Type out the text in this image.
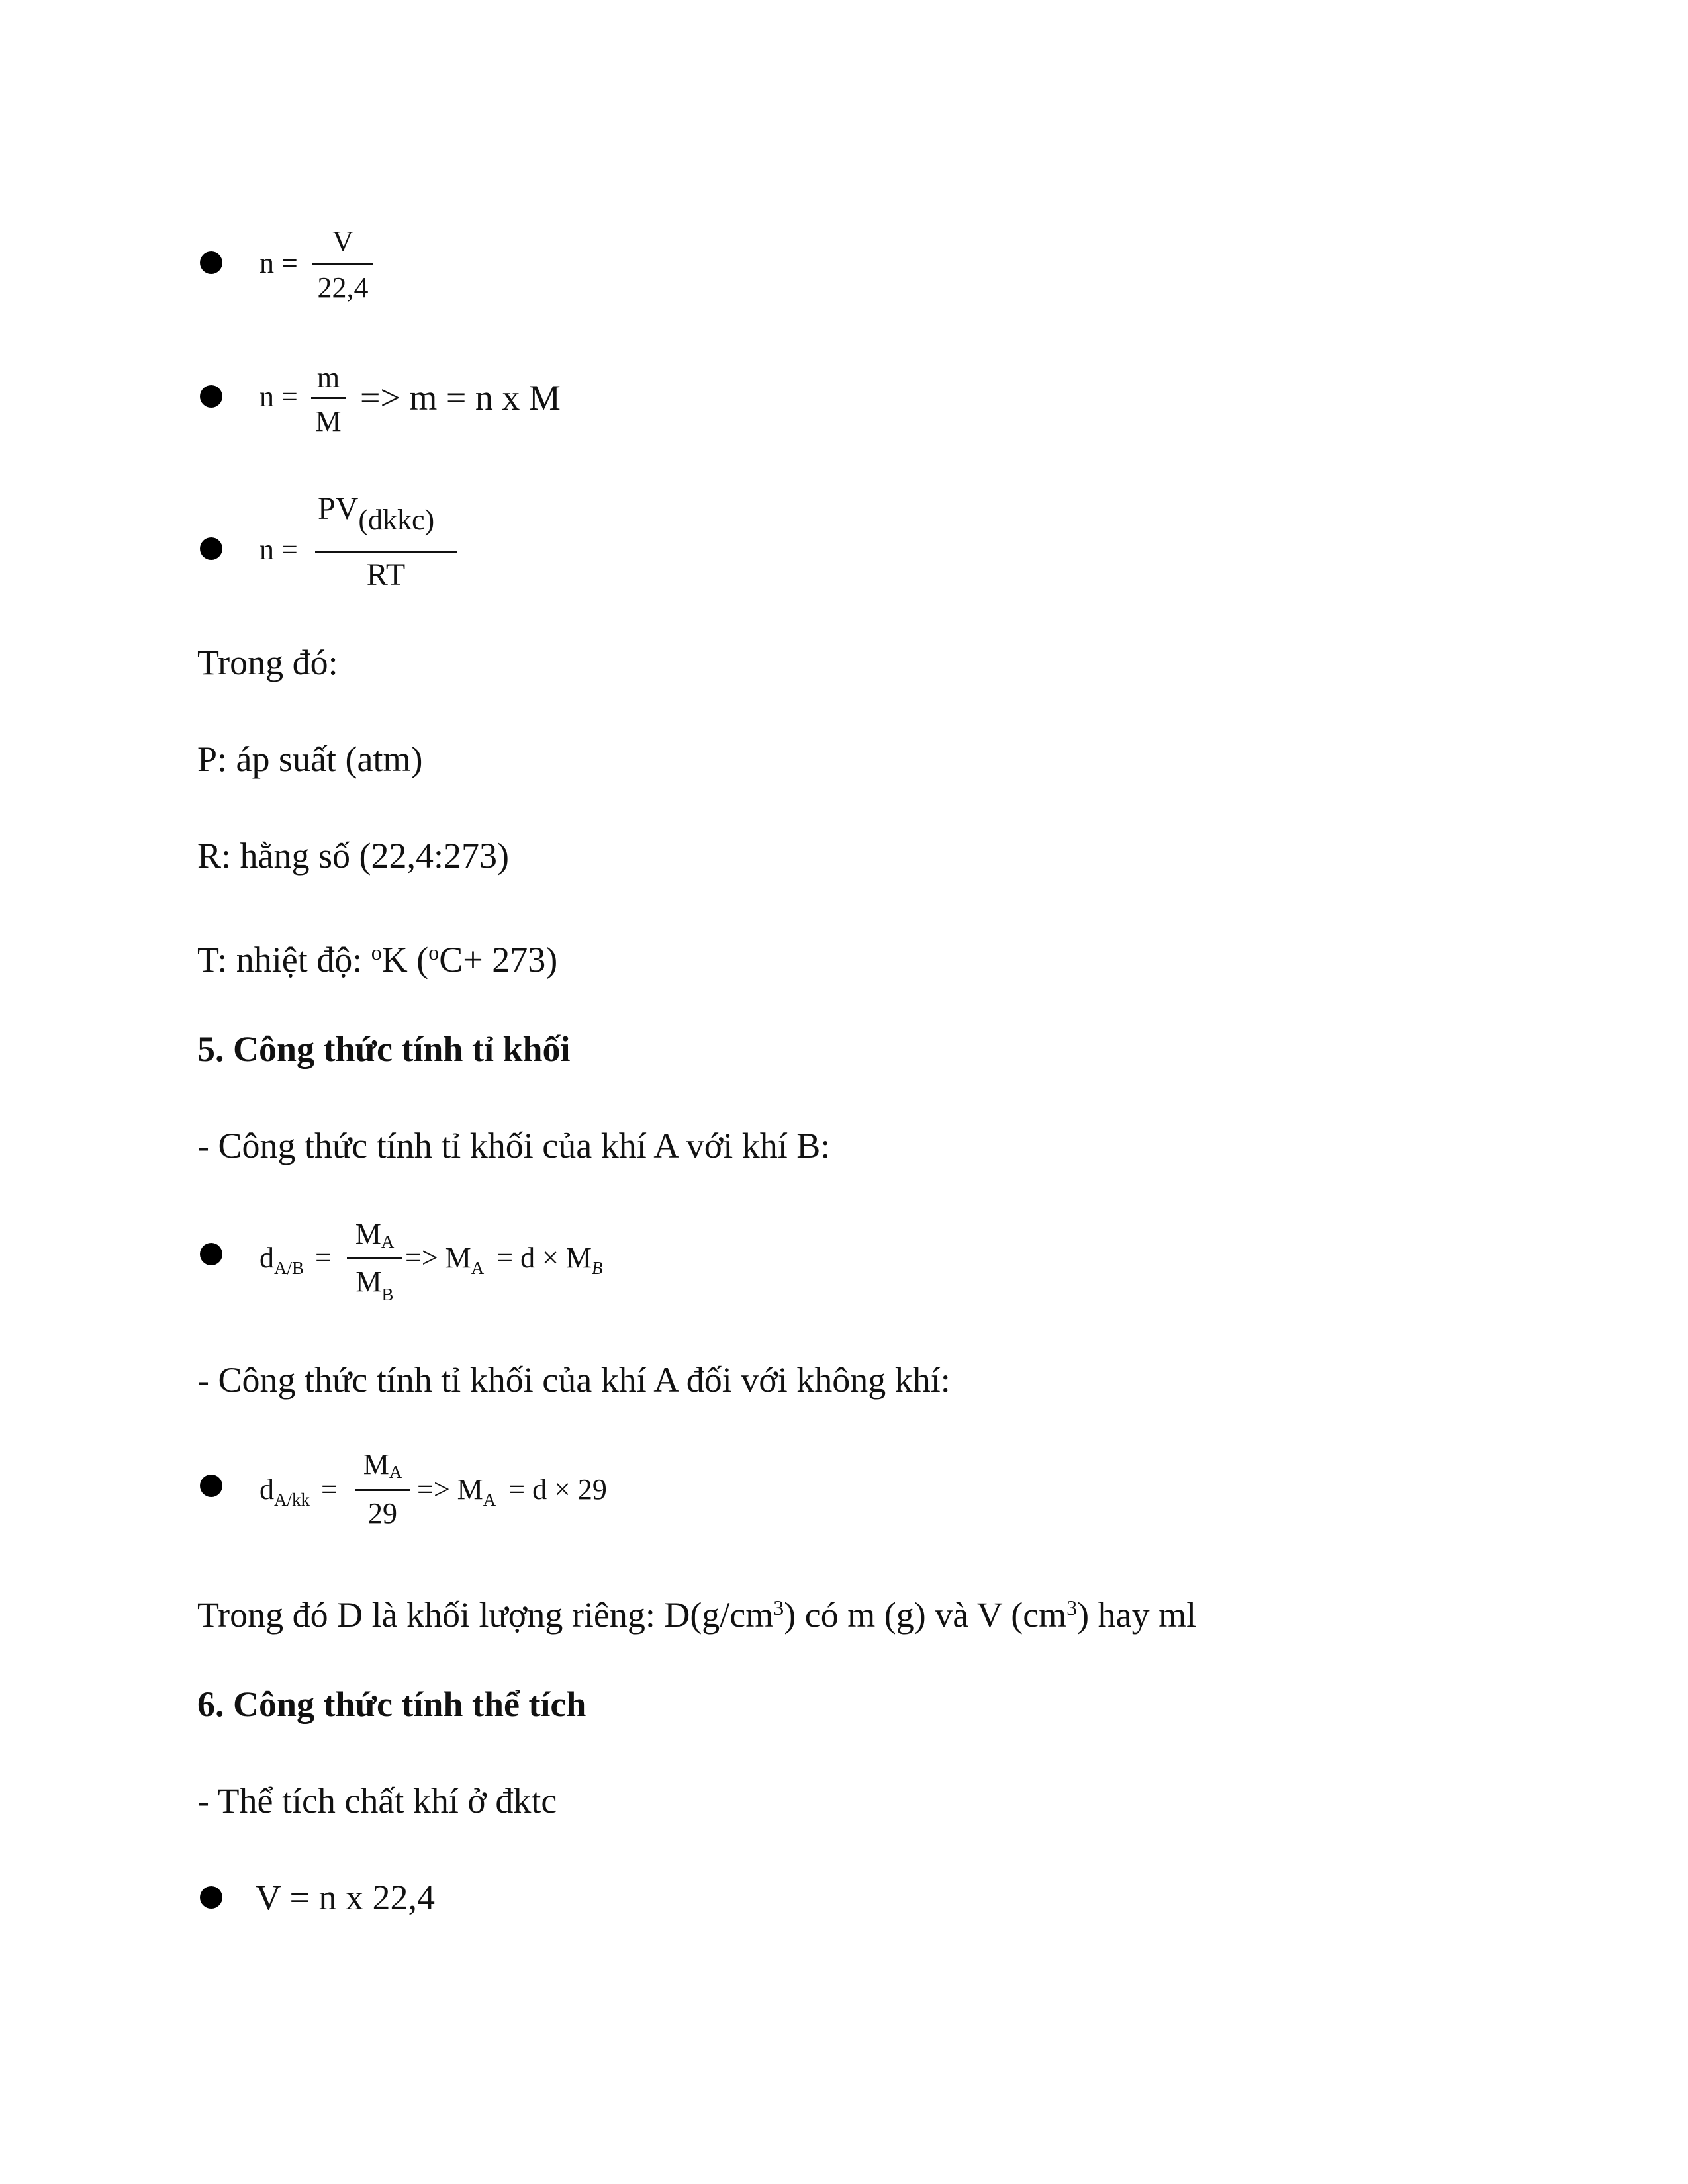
n =
V
22,4
n =
m
M
=> m = n x M
n =
PV(dkkc)
RT
Trong đó:
P: áp suất (atm)
R: hằng số (22,4:273)
T: nhiệt độ: $^o$K ($^o$C+ 273)
5. Công thức tính tỉ khối
- Công thức tính tỉ khối của khí A với khí B:
$d_{A/B}$ =
$M_A$
$M_B$
=> $M_A = d \times M_B$
- Công thức tính tỉ khối của khí A đối với không khí:
$d_{A/kk}$ =
$M_A$
29
=> $M_A = d \times 29$
Trong đó D là khối lượng riêng: $D(g/cm^3)$ có m (g) và V $(cm^3)$ hay ml
6. Công thức tính thể tích
- Thể tích chất khí ở đktc
V = n x 22,4
